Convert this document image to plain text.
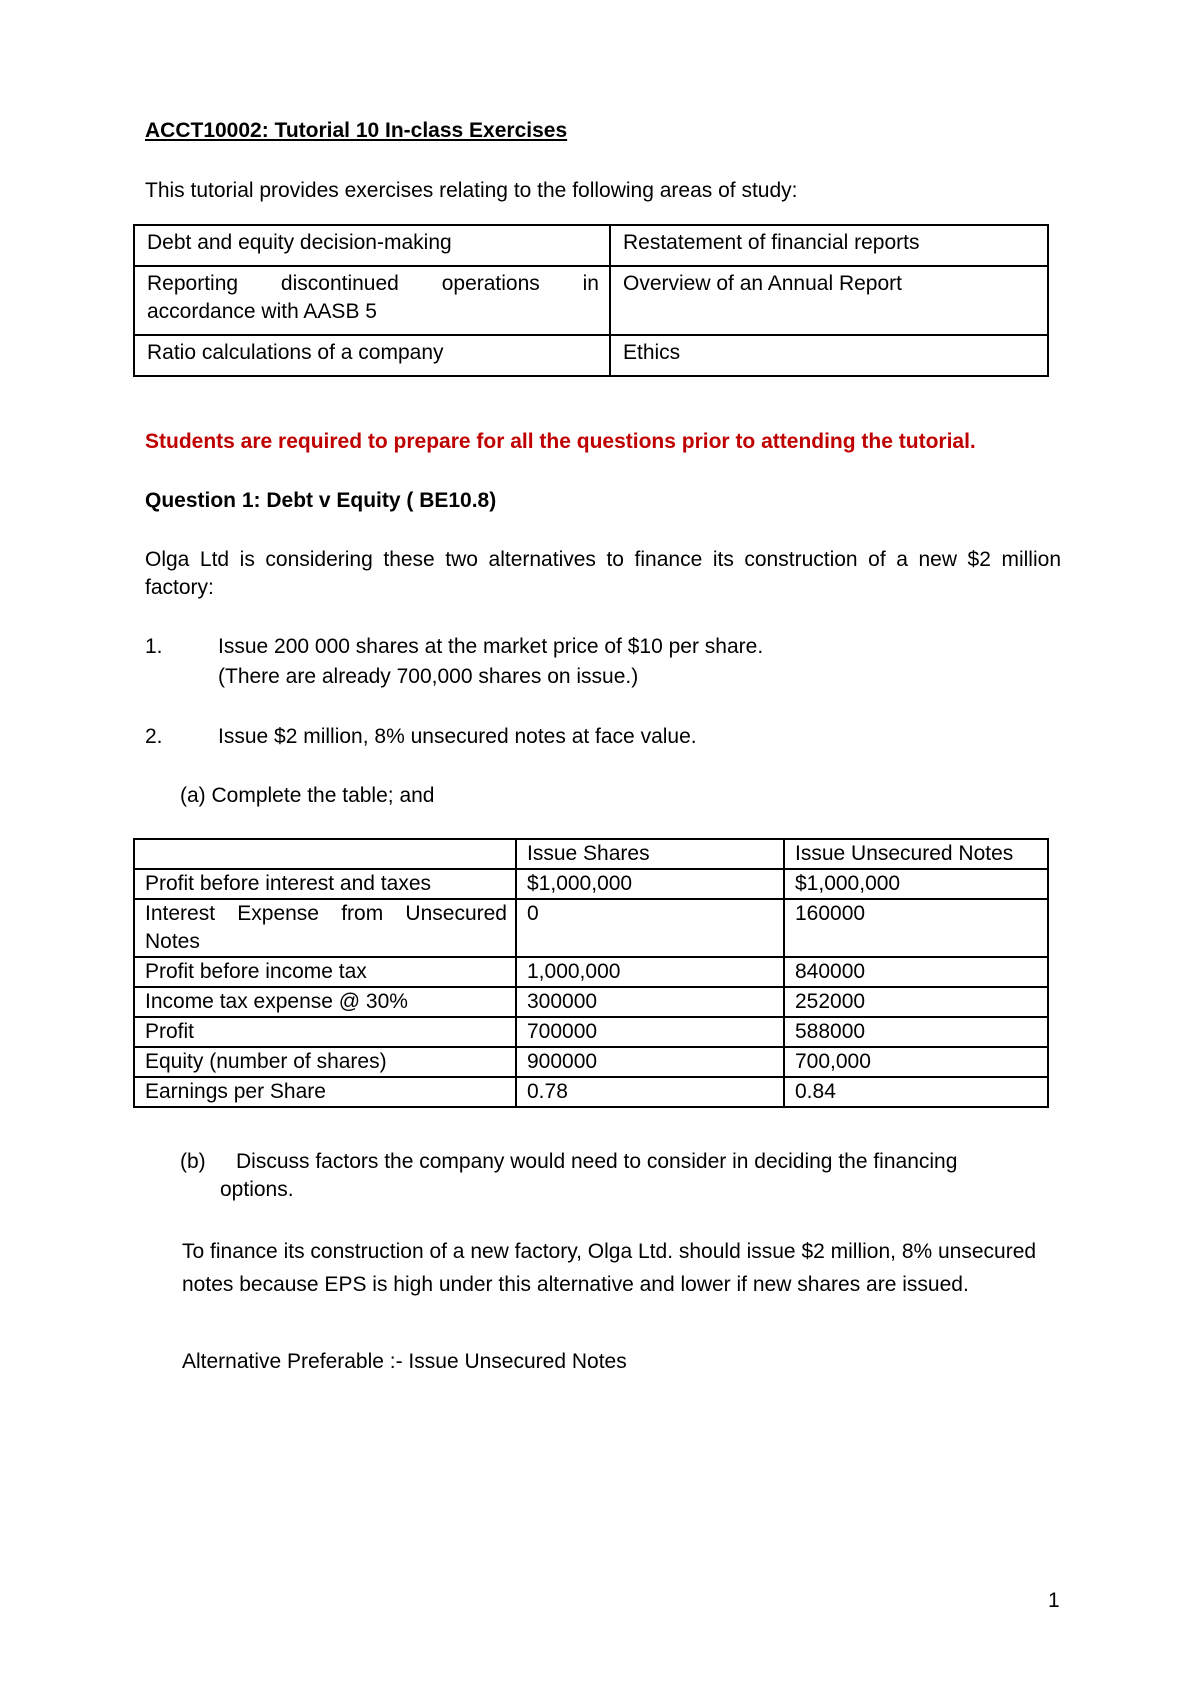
ACCT10002: Tutorial 10 In-class Exercises
This tutorial provides exercises relating to the following areas of study:
Debt and equity decision-making	Restatement of financial reports
Reporting discontinued operations in accordance with AASB 5	Overview of an Annual Report
Ratio calculations of a company	Ethics
Students are required to prepare for all the questions prior to attending the tutorial.
Question 1: Debt v Equity ( BE10.8)
Olga Ltd is considering these two alternatives to finance its construction of a new $2 million factory:
1.	Issue 200 000 shares at the market price of $10 per share.
(There are already 700,000 shares on issue.)
2.	Issue $2 million, 8% unsecured notes at face value.
(a) Complete the table; and
	Issue Shares	Issue Unsecured Notes
Profit before interest and taxes	$1,000,000	$1,000,000
Interest Expense from Unsecured Notes	0	160000
Profit before income tax	1,000,000	840000
Income tax expense @ 30%	300000	252000
Profit	700000	588000
Equity (number of shares)	900000	700,000
Earnings per Share	0.78	0.84
(b) Discuss factors the company would need to consider in deciding the financing
options.
To finance its construction of a new factory, Olga Ltd. should issue $2 million, 8% unsecured notes because EPS is high under this alternative and lower if new shares are issued.
Alternative Preferable :- Issue Unsecured Notes
1
